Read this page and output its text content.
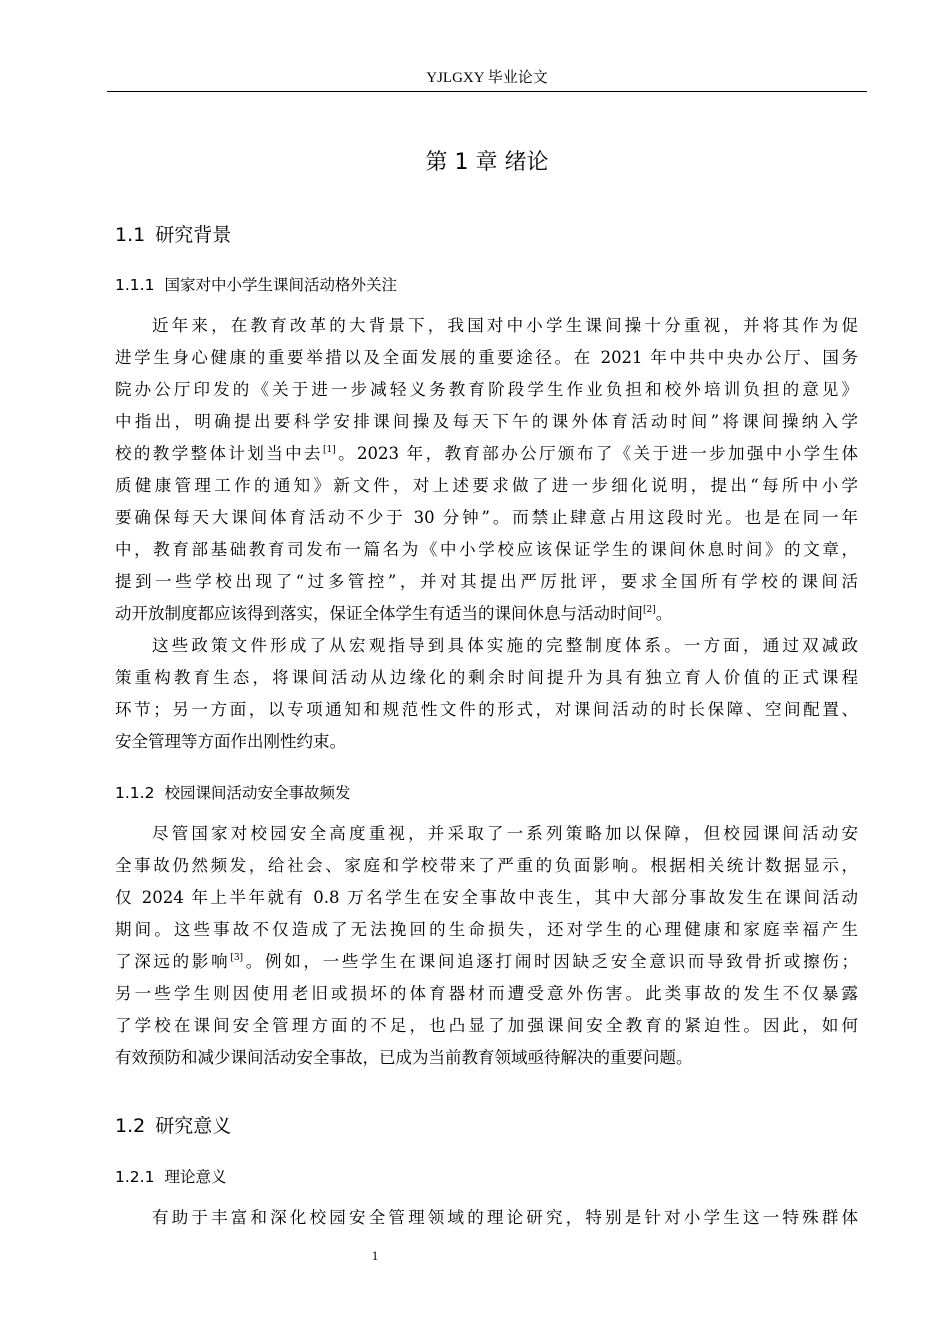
YJLGXY 毕业论文
第 1 章 绪论
1.1 研究背景
1.1.1 国家对中小学生课间活动格外关注
近年来，在教育改革的大背景下，我国对中小学生课间操十分重视，并将其作为促
进学生身心健康的重要举措以及全面发展的重要途径。在 2021 年中共中央办公厅、国务
院办公厅印发的《关于进一步减轻义务教育阶段学生作业负担和校外培训负担的意见》
中指出，明确提出要科学安排课间操及每天下午的课外体育活动时间”将课间操纳入学
校的教学整体计划当中去[1]。2023 年，教育部办公厅颁布了《关于进一步加强中小学生体
质健康管理工作的通知》新文件，对上述要求做了进一步细化说明，提出“每所中小学
要确保每天大课间体育活动不少于 30 分钟”。而禁止肆意占用这段时光。也是在同一年
中，教育部基础教育司发布一篇名为《中小学校应该保证学生的课间休息时间》的文章，
提到一些学校出现了“过多管控”，并对其提出严厉批评，要求全国所有学校的课间活
动开放制度都应该得到落实，保证全体学生有适当的课间休息与活动时间[2]。
这些政策文件形成了从宏观指导到具体实施的完整制度体系。一方面，通过双减政
策重构教育生态，将课间活动从边缘化的剩余时间提升为具有独立育人价值的正式课程
环节；另一方面，以专项通知和规范性文件的形式，对课间活动的时长保障、空间配置、
安全管理等方面作出刚性约束。
1.1.2 校园课间活动安全事故频发
尽管国家对校园安全高度重视，并采取了一系列策略加以保障，但校园课间活动安
全事故仍然频发，给社会、家庭和学校带来了严重的负面影响。根据相关统计数据显示，
仅 2024 年上半年就有 0.8 万名学生在安全事故中丧生，其中大部分事故发生在课间活动
期间。这些事故不仅造成了无法挽回的生命损失，还对学生的心理健康和家庭幸福产生
了深远的影响[3]。例如，一些学生在课间追逐打闹时因缺乏安全意识而导致骨折或擦伤；
另一些学生则因使用老旧或损坏的体育器材而遭受意外伤害。此类事故的发生不仅暴露
了学校在课间安全管理方面的不足，也凸显了加强课间安全教育的紧迫性。因此，如何
有效预防和减少课间活动安全事故，已成为当前教育领域亟待解决的重要问题。
1.2 研究意义
1.2.1 理论意义
有助于丰富和深化校园安全管理领域的理论研究，特别是针对小学生这一特殊群体
1
